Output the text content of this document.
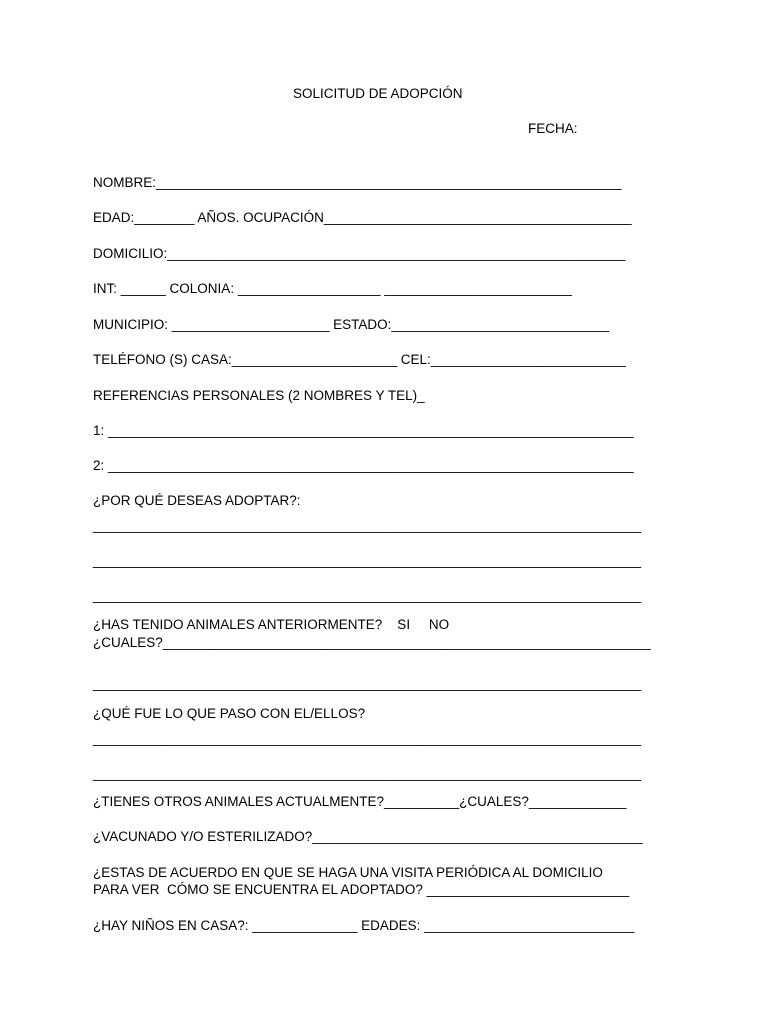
SOLICITUD DE ADOPCIÓN
FECHA:
NOMBRE:______________________________________________________________
EDAD:________ AÑOS. OCUPACIÓN_________________________________________
DOMICILIO:_____________________________________________________________
INT: ______ COLONIA: ___________________ _________________________
MUNICIPIO: _____________________ ESTADO:_____________________________
TELÉFONO (S) CASA:______________________ CEL:__________________________
REFERENCIAS PERSONALES (2 NOMBRES Y TEL)_
1: ______________________________________________________________________
2: ______________________________________________________________________
¿POR QUÉ DESEAS ADOPTAR?:
_________________________________________________________________________
_________________________________________________________________________
_________________________________________________________________________
¿HAS TENIDO ANIMALES ANTERIORMENTE?    SI     NO
¿CUALES?_________________________________________________________________
_________________________________________________________________________
¿QUÉ FUE LO QUE PASO CON EL/ELLOS?
_________________________________________________________________________
_________________________________________________________________________
¿TIENES OTROS ANIMALES ACTUALMENTE?__________¿CUALES?_____________
¿VACUNADO Y/O ESTERILIZADO?____________________________________________
¿ESTAS DE ACUERDO EN QUE SE HAGA UNA VISITA PERIÓDICA AL DOMICILIO
PARA VER  CÓMO SE ENCUENTRA EL ADOPTADO? ___________________________
¿HAY NIÑOS EN CASA?: ______________ EDADES: ____________________________
